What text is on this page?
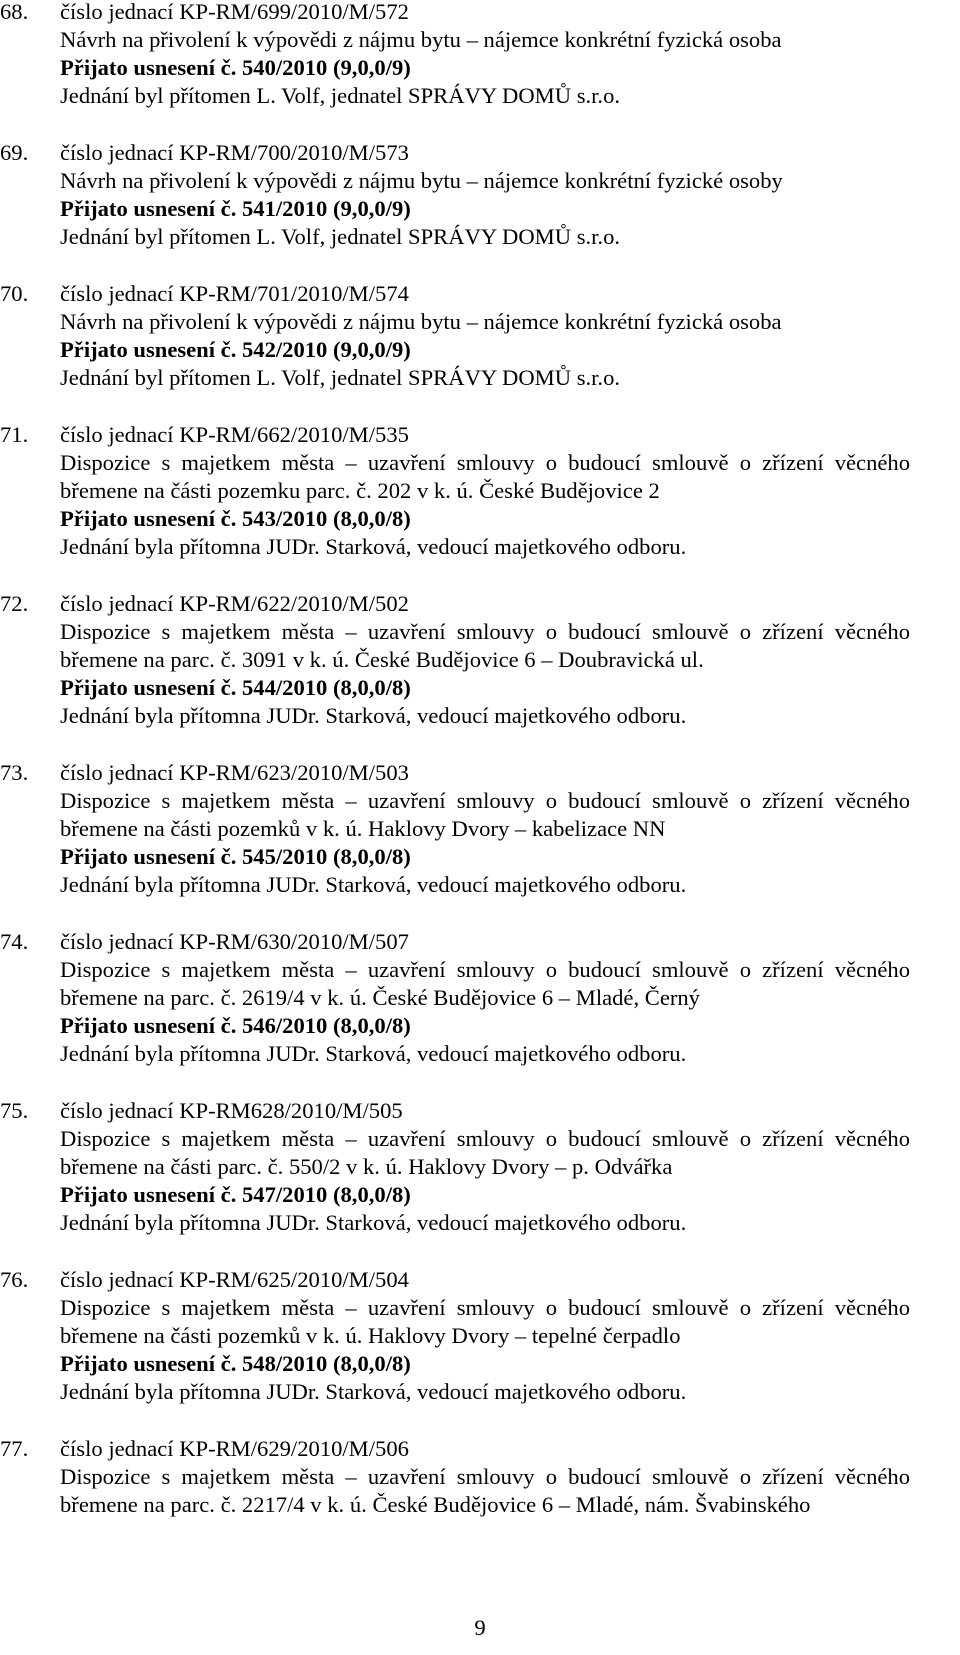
68.	číslo jednací KP-RM/699/2010/M/572
Návrh na přivolení k výpovědi z nájmu bytu – nájemce konkrétní fyzická osoba
Přijato usnesení č. 540/2010 (9,0,0/9)
Jednání byl přítomen L. Volf, jednatel SPRÁVY DOMŮ s.r.o.
69.	číslo jednací KP-RM/700/2010/M/573
Návrh na přivolení k výpovědi z nájmu bytu – nájemce konkrétní fyzické osoby
Přijato usnesení č. 541/2010 (9,0,0/9)
Jednání byl přítomen L. Volf, jednatel SPRÁVY DOMŮ s.r.o.
70.	číslo jednací KP-RM/701/2010/M/574
Návrh na přivolení k výpovědi z nájmu bytu – nájemce konkrétní fyzická osoba
Přijato usnesení č. 542/2010 (9,0,0/9)
Jednání byl přítomen L. Volf, jednatel SPRÁVY DOMŮ s.r.o.
71.	číslo jednací KP-RM/662/2010/M/535
Dispozice s majetkem města – uzavření smlouvy o budoucí smlouvě o zřízení věcného
břemene na části pozemku parc. č. 202 v k. ú. České Budějovice 2
Přijato usnesení č. 543/2010 (8,0,0/8)
Jednání byla přítomna JUDr. Starková, vedoucí majetkového odboru.
72.	číslo jednací KP-RM/622/2010/M/502
Dispozice s majetkem města – uzavření smlouvy o budoucí smlouvě o zřízení věcného
břemene na parc. č. 3091 v k. ú. České Budějovice 6 – Doubravická ul.
Přijato usnesení č. 544/2010 (8,0,0/8)
Jednání byla přítomna JUDr. Starková, vedoucí majetkového odboru.
73.	číslo jednací KP-RM/623/2010/M/503
Dispozice s majetkem města – uzavření smlouvy o budoucí smlouvě o zřízení věcného
břemene na části pozemků v k. ú. Haklovy Dvory – kabelizace NN
Přijato usnesení č. 545/2010 (8,0,0/8)
Jednání byla přítomna JUDr. Starková, vedoucí majetkového odboru.
74.	číslo jednací KP-RM/630/2010/M/507
Dispozice s majetkem města – uzavření smlouvy o budoucí smlouvě o zřízení věcného
břemene na parc. č. 2619/4 v k. ú. České Budějovice 6 – Mladé, Černý
Přijato usnesení č. 546/2010 (8,0,0/8)
Jednání byla přítomna JUDr. Starková, vedoucí majetkového odboru.
75.	číslo jednací KP-RM628/2010/M/505
Dispozice s majetkem města – uzavření smlouvy o budoucí smlouvě o zřízení věcného
břemene na části parc. č. 550/2 v k. ú. Haklovy Dvory – p. Odvářka
Přijato usnesení č. 547/2010 (8,0,0/8)
Jednání byla přítomna JUDr. Starková, vedoucí majetkového odboru.
76.	číslo jednací KP-RM/625/2010/M/504
Dispozice s majetkem města – uzavření smlouvy o budoucí smlouvě o zřízení věcného
břemene na části pozemků v k. ú. Haklovy Dvory – tepelné čerpadlo
Přijato usnesení č. 548/2010 (8,0,0/8)
Jednání byla přítomna JUDr. Starková, vedoucí majetkového odboru.
77.	číslo jednací KP-RM/629/2010/M/506
Dispozice s majetkem města – uzavření smlouvy o budoucí smlouvě o zřízení věcného
břemene na parc. č. 2217/4 v k. ú. České Budějovice 6 – Mladé, nám. Švabinského
9
